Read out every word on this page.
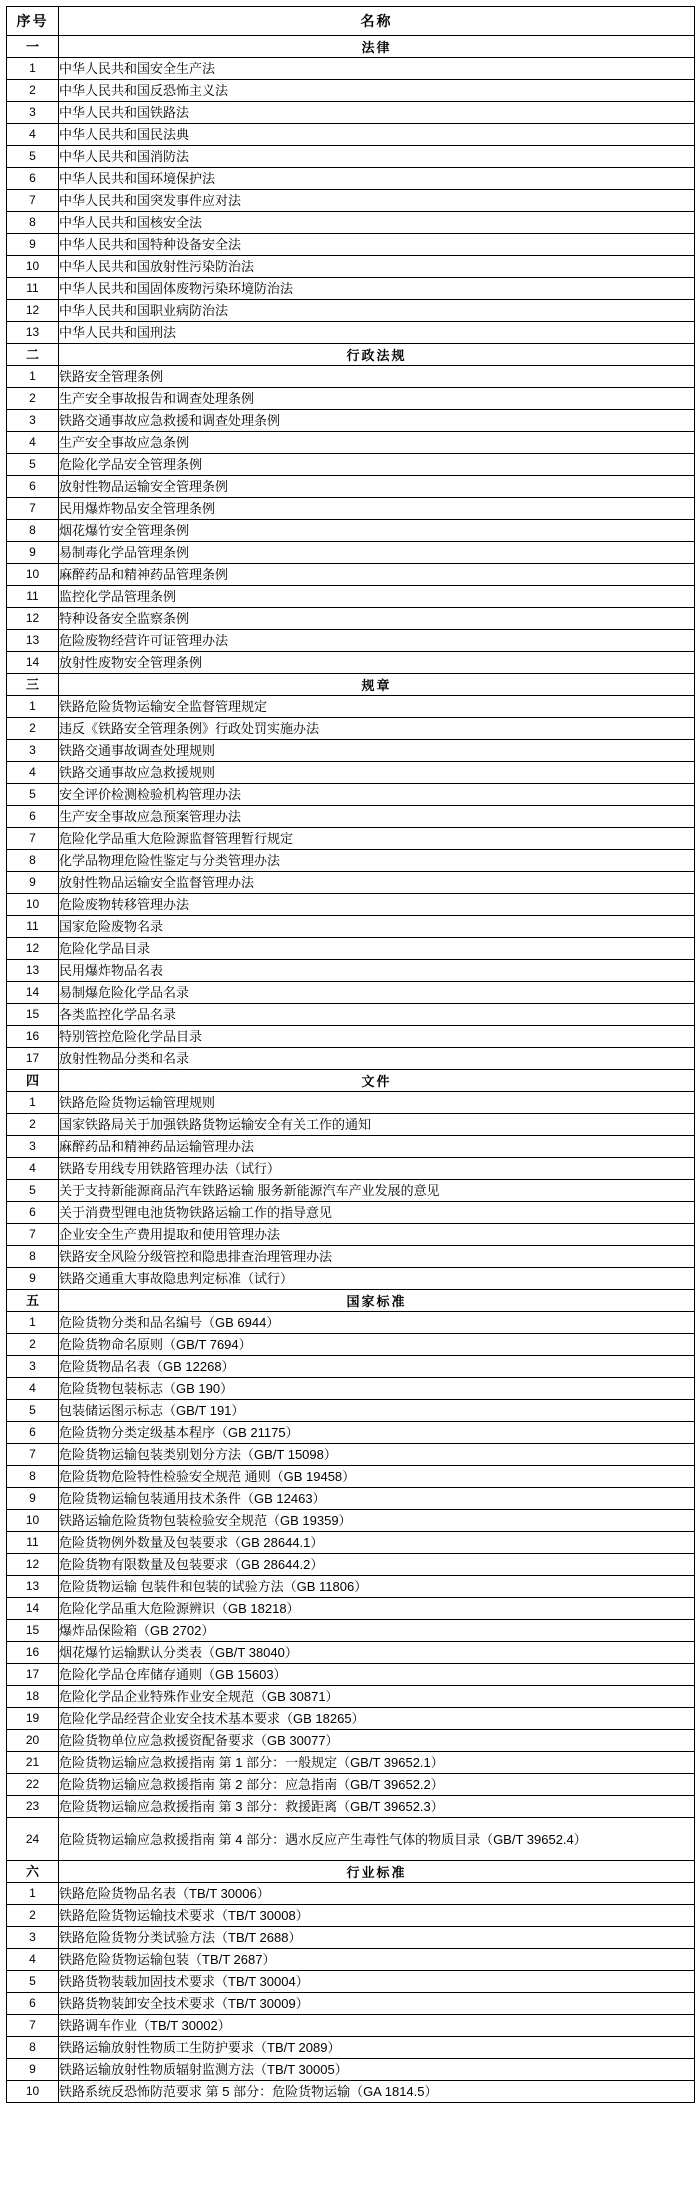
序号	名称
一	法律
1	中华人民共和国安全生产法
2	中华人民共和国反恐怖主义法
3	中华人民共和国铁路法
4	中华人民共和国民法典
5	中华人民共和国消防法
6	中华人民共和国环境保护法
7	中华人民共和国突发事件应对法
8	中华人民共和国核安全法
9	中华人民共和国特种设备安全法
10	中华人民共和国放射性污染防治法
11	中华人民共和国固体废物污染环境防治法
12	中华人民共和国职业病防治法
13	中华人民共和国刑法
二	行政法规
1	铁路安全管理条例
2	生产安全事故报告和调查处理条例
3	铁路交通事故应急救援和调查处理条例
4	生产安全事故应急条例
5	危险化学品安全管理条例
6	放射性物品运输安全管理条例
7	民用爆炸物品安全管理条例
8	烟花爆竹安全管理条例
9	易制毒化学品管理条例
10	麻醉药品和精神药品管理条例
11	监控化学品管理条例
12	特种设备安全监察条例
13	危险废物经营许可证管理办法
14	放射性废物安全管理条例
三	规章
1	铁路危险货物运输安全监督管理规定
2	违反《铁路安全管理条例》行政处罚实施办法
3	铁路交通事故调查处理规则
4	铁路交通事故应急救援规则
5	安全评价检测检验机构管理办法
6	生产安全事故应急预案管理办法
7	危险化学品重大危险源监督管理暂行规定
8	化学品物理危险性鉴定与分类管理办法
9	放射性物品运输安全监督管理办法
10	危险废物转移管理办法
11	国家危险废物名录
12	危险化学品目录
13	民用爆炸物品名表
14	易制爆危险化学品名录
15	各类监控化学品名录
16	特别管控危险化学品目录
17	放射性物品分类和名录
四	文件
1	铁路危险货物运输管理规则
2	国家铁路局关于加强铁路货物运输安全有关工作的通知
3	麻醉药品和精神药品运输管理办法
4	铁路专用线专用铁路管理办法（试行）
5	关于支持新能源商品汽车铁路运输 服务新能源汽车产业发展的意见
6	关于消费型锂电池货物铁路运输工作的指导意见
7	企业安全生产费用提取和使用管理办法
8	铁路安全风险分级管控和隐患排查治理管理办法
9	铁路交通重大事故隐患判定标准（试行）
五	国家标准
1	危险货物分类和品名编号（GB 6944）
2	危险货物命名原则（GB/T 7694）
3	危险货物品名表（GB 12268）
4	危险货物包装标志（GB 190）
5	包装储运图示标志（GB/T 191）
6	危险货物分类定级基本程序（GB 21175）
7	危险货物运输包装类别划分方法（GB/T 15098）
8	危险货物危险特性检验安全规范 通则（GB 19458）
9	危险货物运输包装通用技术条件（GB 12463）
10	铁路运输危险货物包装检验安全规范（GB 19359）
11	危险货物例外数量及包装要求（GB 28644.1）
12	危险货物有限数量及包装要求（GB 28644.2）
13	危险货物运输 包装件和包装的试验方法（GB 11806）
14	危险化学品重大危险源辨识（GB 18218）
15	爆炸品保险箱（GB 2702）
16	烟花爆竹运输默认分类表（GB/T 38040）
17	危险化学品仓库储存通则（GB 15603）
18	危险化学品企业特殊作业安全规范（GB 30871）
19	危险化学品经营企业安全技术基本要求（GB 18265）
20	危险货物单位应急救援资配备要求（GB 30077）
21	危险货物运输应急救援指南 第 1 部分：一般规定（GB/T 39652.1）
22	危险货物运输应急救援指南 第 2 部分：应急指南（GB/T 39652.2）
23	危险货物运输应急救援指南 第 3 部分：救援距离（GB/T 39652.3）
24	危险货物运输应急救援指南 第 4 部分：遇水反应产生毒性气体的物质目录（GB/T 39652.4）
六	行业标准
1	铁路危险货物品名表（TB/T 30006）
2	铁路危险货物运输技术要求（TB/T 30008）
3	铁路危险货物分类试验方法（TB/T 2688）
4	铁路危险货物运输包装（TB/T 2687）
5	铁路货物装载加固技术要求（TB/T 30004）
6	铁路货物装卸安全技术要求（TB/T 30009）
7	铁路调车作业（TB/T 30002）
8	铁路运输放射性物质工生防护要求（TB/T 2089）
9	铁路运输放射性物质辐射监测方法（TB/T 30005）
10	铁路系统反恐怖防范要求 第 5 部分：危险货物运输（GA 1814.5）
